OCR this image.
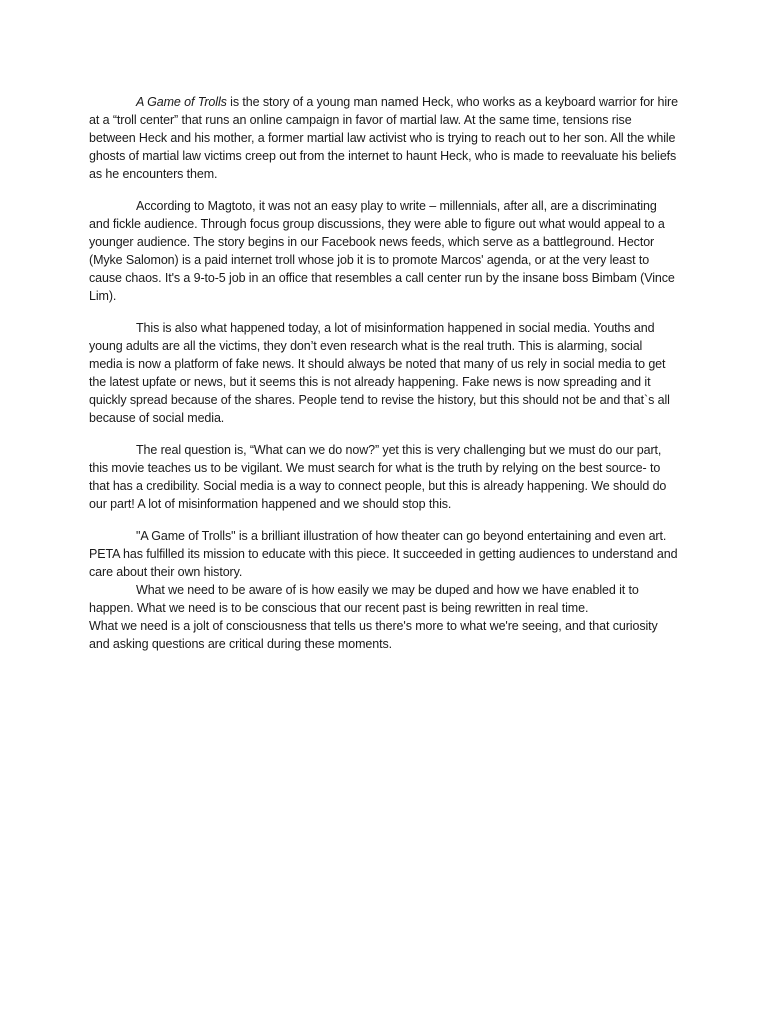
A Game of Trolls is the story of a young man named Heck, who works as a keyboard warrior for hire at a “troll center” that runs an online campaign in favor of martial law. At the same time, tensions rise between Heck and his mother, a former martial law activist who is trying to reach out to her son. All the while ghosts of martial law victims creep out from the internet to haunt Heck, who is made to reevaluate his beliefs as he encounters them.

According to Magtoto, it was not an easy play to write – millennials, after all, are a discriminating and fickle audience. Through focus group discussions, they were able to figure out what would appeal to a younger audience. The story begins in our Facebook news feeds, which serve as a battleground. Hector (Myke Salomon) is a paid internet troll whose job it is to promote Marcos' agenda, or at the very least to cause chaos. It's a 9-to-5 job in an office that resembles a call center run by the insane boss Bimbam (Vince Lim).

This is also what happened today, a lot of misinformation happened in social media. Youths and young adults are all the victims, they don’t even research what is the real truth. This is alarming, social media is now a platform of fake news. It should always be noted that many of us rely in social media to get the latest upfate or news, but it seems this is not already happening. Fake news is now spreading and it quickly spread because of the shares. People tend to revise the history, but this should not be and that`s all because of social media.

The real question is, “What can we do now?” yet this is very challenging but we must do our part, this movie teaches us to be vigilant. We must search for what is the truth by relying on the best source- to that has a credibility. Social media is a way to connect people, but this is already happening. We should do our part! A lot of misinformation happened and we should stop this.

"A Game of Trolls" is a brilliant illustration of how theater can go beyond entertaining and even art. PETA has fulfilled its mission to educate with this piece. It succeeded in getting audiences to understand and care about their own history.

What we need to be aware of is how easily we may be duped and how we have enabled it to happen. What we need is to be conscious that our recent past is being rewritten in real time.

What we need is a jolt of consciousness that tells us there's more to what we're seeing, and that curiosity and asking questions are critical during these moments.
